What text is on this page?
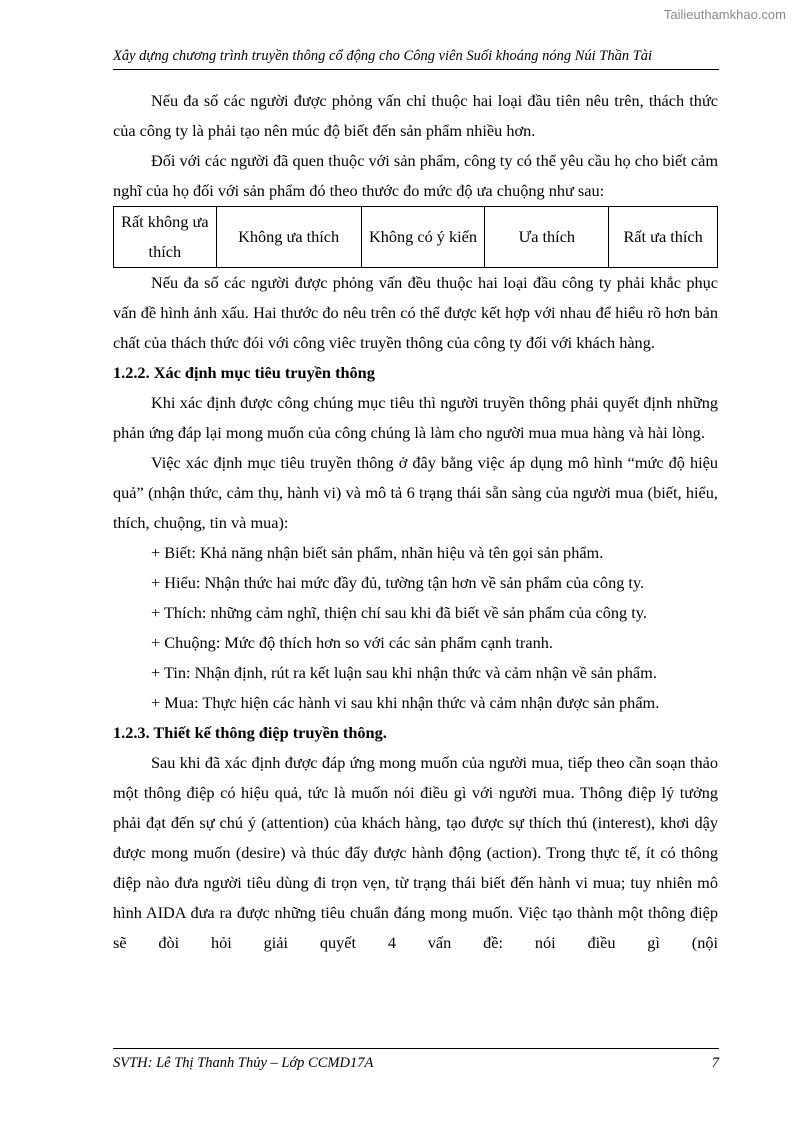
Tailieuthamkhao.com
Xây dựng chương trình truyền thông cổ động cho Công viên Suối khoáng nóng Núi Thần Tài

Nếu đa số các người được phỏng vấn chỉ thuộc hai loại đầu tiên nêu trên, thách thức của công ty là phải tạo nên múc độ biết đến sản phẩm nhiều hơn.

Đối với các người đã quen thuộc với sản phẩm, công ty có thể yêu cầu họ cho biết cảm nghĩ của họ đối với sản phẩm đó theo thước đo mức độ ưa chuộng như sau:

Rất không ưa thích	Không ưa thích	Không có ý kiến	Ưa thích	Rất ưa thích

Nếu đa số các người được phỏng vấn đều thuộc hai loại đầu công ty phải khắc phục vấn đề hình ảnh xấu. Hai thước đo nêu trên có thể được kết hợp với nhau để hiểu rõ hơn bản chất của thách thức đói với công viêc truyền thông của công ty đối với khách hàng.

1.2.2. Xác định mục tiêu truyền thông

Khi xác định được công chúng mục tiêu thì người truyền thông phải quyết định những phản ứng đáp lại mong muốn của công chúng là làm cho người mua mua hàng và hài lòng.

Việc xác định mục tiêu truyền thông ở đây bằng việc áp dụng mô hình “mức độ hiệu quả” (nhận thức, cảm thụ, hành vi) và mô tả 6 trạng thái sẵn sàng của người mua (biết, hiểu, thích, chuộng, tin và mua):

+ Biết: Khả năng nhận biết sản phẩm, nhãn hiệu và tên gọi sản phẩm.

+ Hiểu: Nhận thức hai mức đầy đủ, tường tận hơn về sản phẩm của công ty.

+ Thích: những cảm nghĩ, thiện chí sau khi đã biết về sản phẩm của công ty.

+ Chuộng: Mức độ thích hơn so với các sản phẩm cạnh tranh.

+ Tin: Nhận định, rút ra kết luận sau khi nhận thức và cảm nhận về sản phẩm.

+ Mua: Thực hiện các hành vi sau khi nhận thức và cảm nhận được sản phẩm.

1.2.3. Thiết kế thông điệp truyền thông.

Sau khi đã xác định được đáp ứng mong muốn của người mua, tiếp theo cần soạn thảo một thông điệp có hiệu quả, tức là muốn nói điều gì với người mua. Thông điệp lý tưởng phải đạt đến sự chú ý (attention) của khách hàng, tạo được sự thích thú (interest), khơi dậy được mong muốn (desire) và thúc đẩy được hành động (action). Trong thực tế, ít có thông điệp nào đưa người tiêu dùng đi trọn vẹn, từ trạng thái biết đến hành vi mua; tuy nhiên mô hình AIDA đưa ra được những tiêu chuẩn đáng mong muốn. Việc tạo thành một thông điệp sẽ đòi hỏi giải quyết 4 vấn đề: nói điều gì (nội

SVTH: Lê Thị Thanh Thủy – Lớp CCMD17A	7
